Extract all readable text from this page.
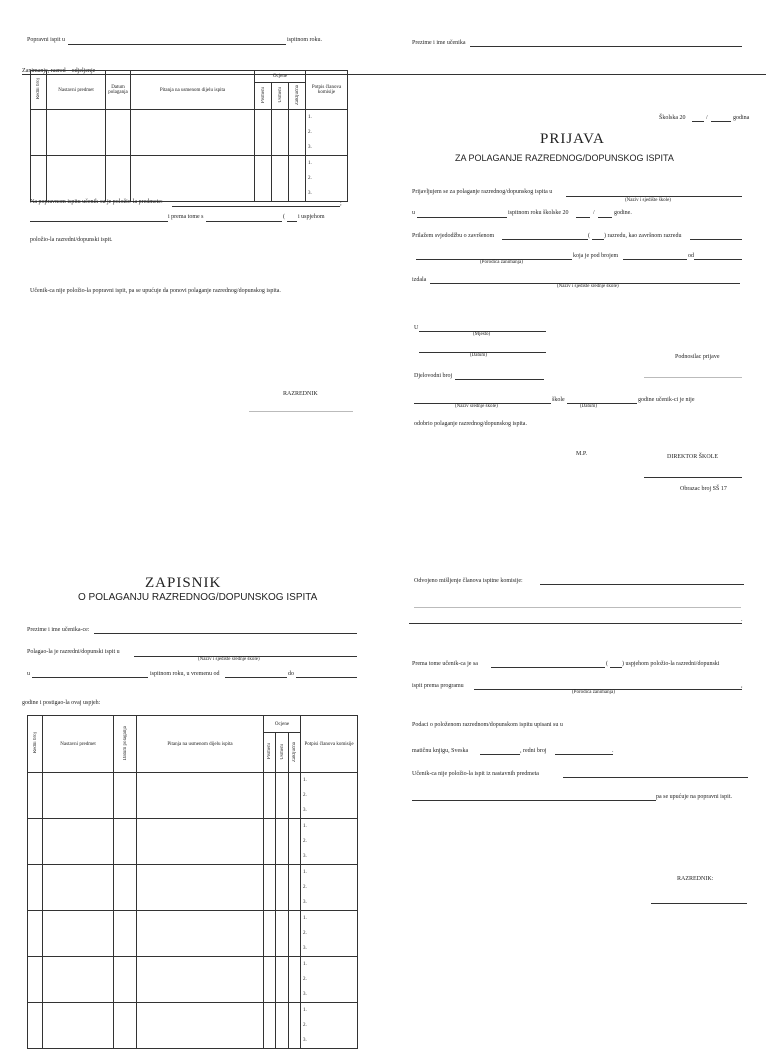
Popravni ispit u	ispitnom roku.
Zanimanje, razred – odjeljenje
Redni broj	Nastavni predmet	Datum polaganja	Pitanja na usmenom dijelu ispita	Ocjene			Potpis članova komisije
				Pismeni	Usmeni	Zaključna	
							1.
2.
3.
							1.
2.
3.
Na popravnom ispitu učenik-ca je položio-la predmete:	;
i prema tome s	( i uspjehom
položio-la razredni/dopunski ispit.
Učenik-ca nije položio-la popravni ispit, pa se upućuje da ponovi polaganje razrednog/dopunskog ispita.
RAZREDNIK
Prezime i ime učenika
Školska 20	/	godina
PRIJAVA
ZA POLAGANJE RAZREDNOG/DOPUNSKOG ISPITA
Prijavljujem se za polaganje razrednog/dopunskog ispita u
(Naziv i sjedište škole)
u	ispitnom roku školske 20	/	godine.
Prilažem svjedodžbu o završenom	( ) razredu, kao završnom razredu
(Porodica zanimanja)
koja je pod brojem	od
izdala
(Naziv i sjedište srednje škole)
U
(Mjesto)
(Datum)	Podnosilac prijave
Djelovodni broj
(Naziv srednje škole)
škole
(Datum)
godine učenik-ci je nije
odobrio polaganje razrednog/dopunskog ispita.
M.P.	DIREKTOR ŠKOLE
Obrazac broj SŠ 17
ZAPISNIK
O POLAGANJU RAZREDNOG/DOPUNSKOG ISPITA
Prezime i ime učenika-ce:
Polagao-la je razredni/dopunski ispit u
(Naziv i sjedište srednje škole)
u	ispitnom roku, u vremenu od	do
godine i postigao-la ovaj uspjeh:
Redni broj	Nastavni predmet	Datum polaganja	Pitanja na usmenom dijelu ispita	Ocjene			Potpisi članova komisije
				Pismeni	Usmeni	Zaključna	
							1.
2.
3.
							1.
2.
3.
							1.
2.
3.
							1.
2.
3.
							1.
2.
3.
							1.
2.
3.
Odvojeno mišljenje članova ispitne komisije:
.
Prema tome učenik-ca je sa	( ) uspjehom položio-la razredni/dopunski
ispit prema programu	,
(Porodica zanimanja)
Podaci o položenom razrednom/dopunskom ispitu upisani su u
matičnu knjigu, Sveska	, redni broj	.
Učenik-ca nije položio-la ispit iz nastavnih predmeta
pa se upućuje na popravni ispit.
RAZREDNIK:
